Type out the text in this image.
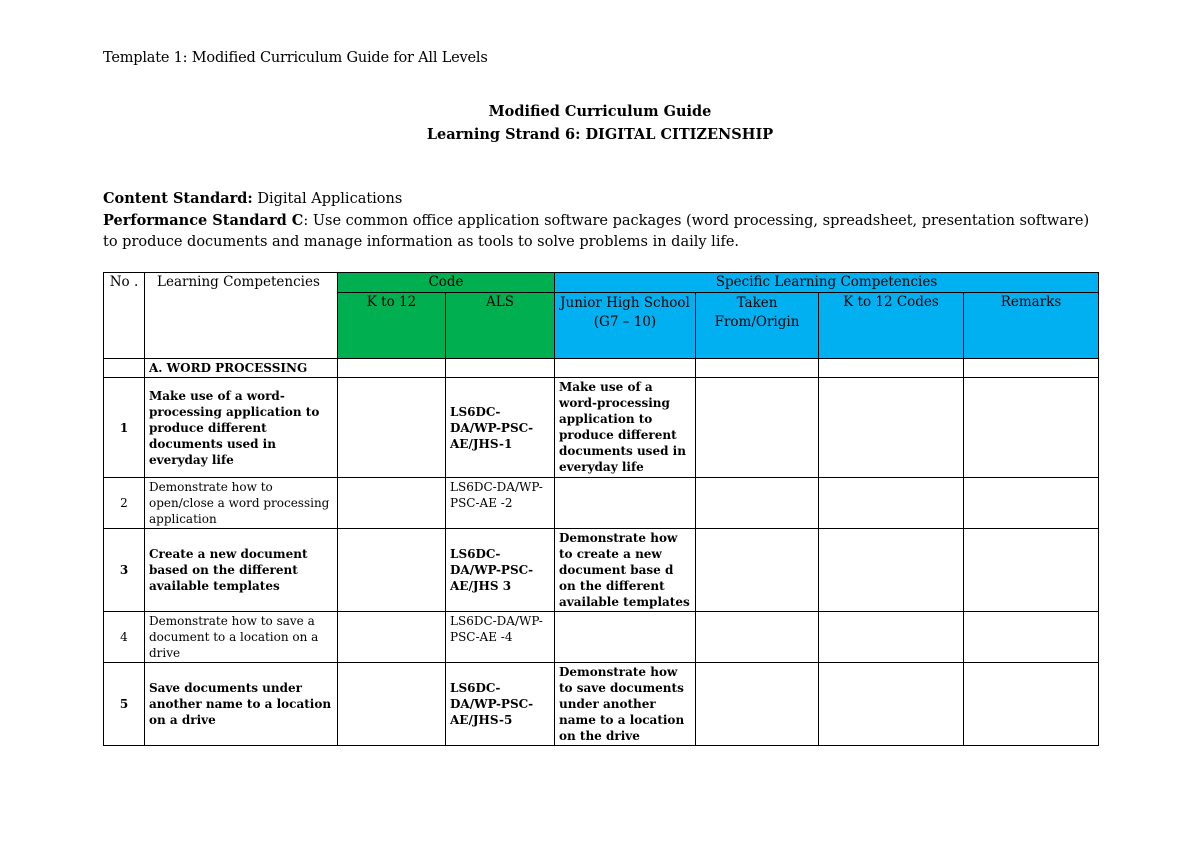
Template 1: Modified Curriculum Guide for All Levels
Modified Curriculum Guide
Learning Strand 6: DIGITAL CITIZENSHIP
Content Standard: Digital Applications
Performance Standard C: Use common office application software packages (word processing, spreadsheet, presentation software) to produce documents and manage information as tools to solve problems in daily life.
No .	Learning Competencies	Code		Specific Learning Competencies			
		K to 12	ALS	Junior High School (G7 – 10)	Taken From/Origin	K to 12 Codes	Remarks
	A. WORD PROCESSING						
1	Make use of a word-processing application to produce different documents used in everyday life		LS6DC-DA/WP-PSC-AE/JHS-1	Make use of a word-processing application to produce different documents used in everyday life			
2	Demonstrate how to open/close a word processing application		LS6DC-DA/WP-PSC-AE -2				
3	Create a new document based on the different available templates		LS6DC-DA/WP-PSC-AE/JHS 3	Demonstrate how to create a new document base d on the different available templates			
4	Demonstrate how to save a document to a location on a drive		LS6DC-DA/WP-PSC-AE -4				
5	Save documents under another name to a location on a drive		LS6DC-DA/WP-PSC-AE/JHS-5	Demonstrate how to save documents under another name to a location on the drive			
